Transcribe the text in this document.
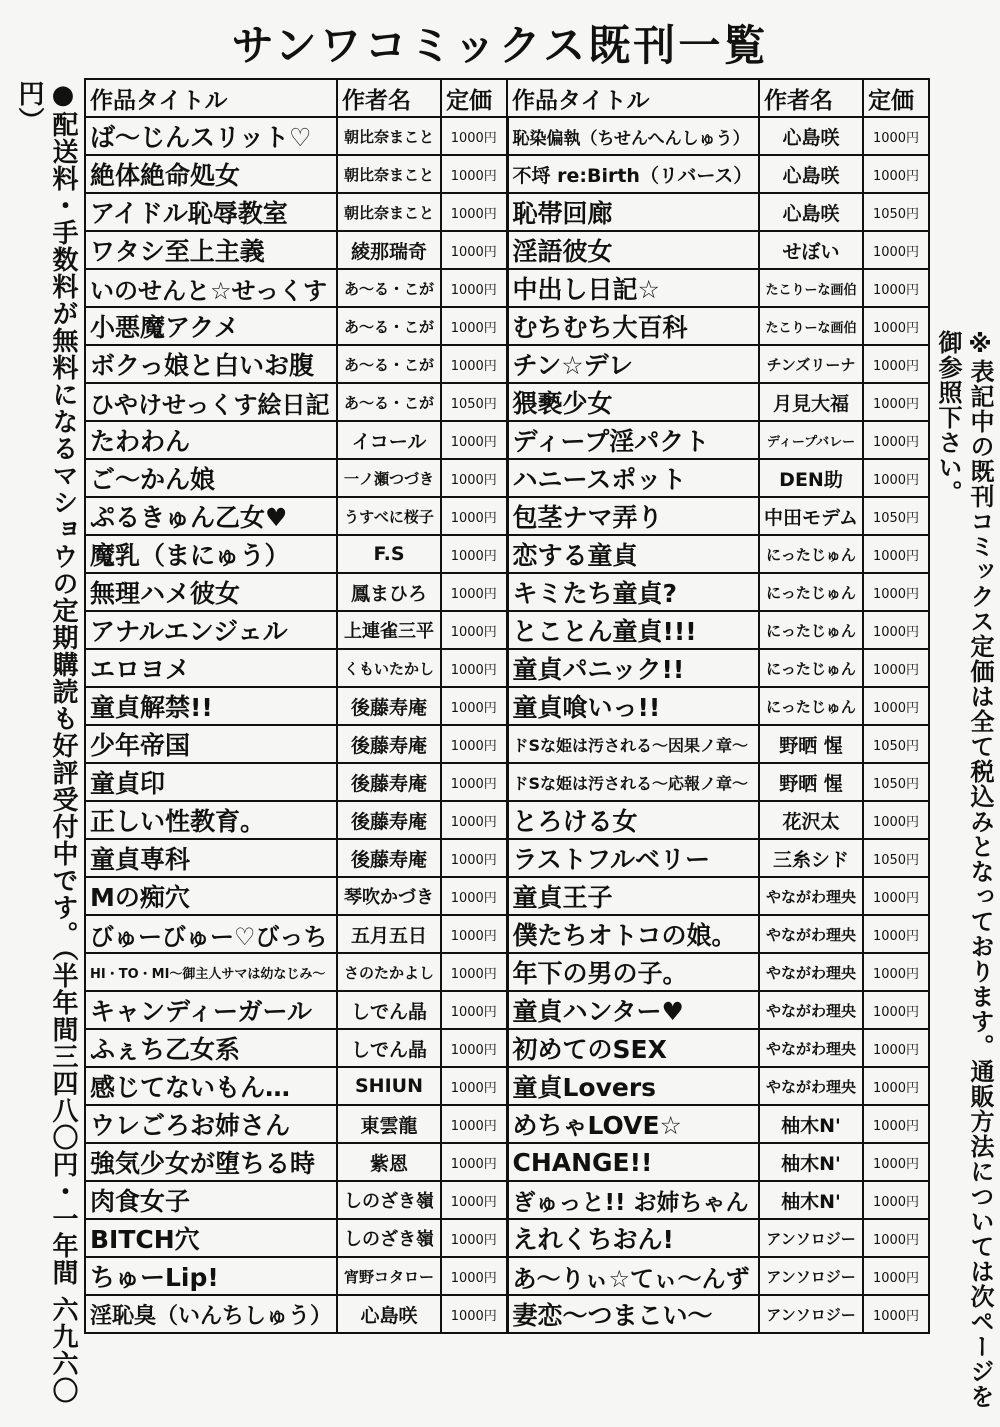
サンワコミックス既刊一覧
●配送料・手数料が無料になるマショウの定期購読も好評受付中です。（半年間三四八〇円・一年間 六九六〇円）	作品タイトル	作者名	定価	作品タイトル	作者名	定価
ば〜じんスリット♡	朝比奈まこと	1000円	恥染偏執（ちせんへんしゅう）	心島咲	1000円
絶体絶命処女	朝比奈まこと	1000円	不埒 re:Birth（リバース）	心島咲	1000円
アイドル恥辱教室	朝比奈まこと	1000円	恥帯回廊	心島咲	1050円
ワタシ至上主義	綾那瑞奇	1000円	淫語彼女	せぼい	1000円
いのせんと☆せっくす	あ〜る・こが	1000円	中出し日記☆	たこりーな画伯	1000円
小悪魔アクメ	あ〜る・こが	1000円	むちむち大百科	たこりーな画伯	1000円
ボクっ娘と白いお腹	あ〜る・こが	1000円	チン☆デレ	チンズリーナ	1000円
ひやけせっくす絵日記	あ〜る・こが	1050円	猥褻少女	月見大福	1000円
たわわん	イコール	1000円	ディープ淫パクト	ディープバレー	1000円
ご〜かん娘	一ノ瀬つづき	1000円	ハニースポット	DEN助	1000円
ぷるきゅん乙女♥	うすべに桜子	1000円	包茎ナマ弄り	中田モデム	1050円
魔乳（まにゅう）	F.S	1000円	恋する童貞	にったじゅん	1000円
無理ハメ彼女	鳳まひろ	1000円	キミたち童貞?	にったじゅん	1000円
アナルエンジェル	上連雀三平	1000円	とことん童貞!!!	にったじゅん	1000円
エロヨメ	くもいたかし	1000円	童貞パニック!!	にったじゅん	1000円
童貞解禁!!	後藤寿庵	1000円	童貞喰いっ!!	にったじゅん	1000円
少年帝国	後藤寿庵	1000円	ドSな姫は汚される〜因果ノ章〜	野晒 惺	1050円
童貞印	後藤寿庵	1000円	ドSな姫は汚される〜応報ノ章〜	野晒 惺	1050円
正しい性教育。	後藤寿庵	1000円	とろける女	花沢太	1000円
童貞専科	後藤寿庵	1000円	ラストフルベリー	三糸シド	1050円
Mの痴穴	琴吹かづき	1000円	童貞王子	やながわ理央	1000円
びゅーびゅー♡びっち	五月五日	1000円	僕たちオトコの娘。	やながわ理央	1000円
HI・TO・MI〜御主人サマは幼なじみ〜	さのたかよし	1000円	年下の男の子。	やながわ理央	1000円
キャンディーガール	しでん晶	1000円	童貞ハンター♥	やながわ理央	1000円
ふぇち乙女系	しでん晶	1000円	初めてのSEX	やながわ理央	1000円
感じてないもん…	SHIUN	1000円	童貞Lovers	やながわ理央	1000円
ウレごろお姉さん	東雲龍	1000円	めちゃLOVE☆	柚木N'	1000円
強気少女が堕ちる時	紫恩	1000円	CHANGE!!	柚木N'	1000円
肉食女子	しのざき嶺	1000円	ぎゅっと!! お姉ちゃん	柚木N'	1000円
BITCH穴	しのざき嶺	1000円	えれくちおん!	アンソロジー	1000円
ちゅーLip!	宵野コタロー	1000円	あ〜りぃ☆てぃ〜んず	アンソロジー	1000円
淫恥臭（いんちしゅう）	心島咲	1000円	妻恋〜つまこい〜	アンソロジー	1000円	※表記中の既刊コミックス定価は全て税込みとなっております。通販方法については次ページを御参照下さい。
